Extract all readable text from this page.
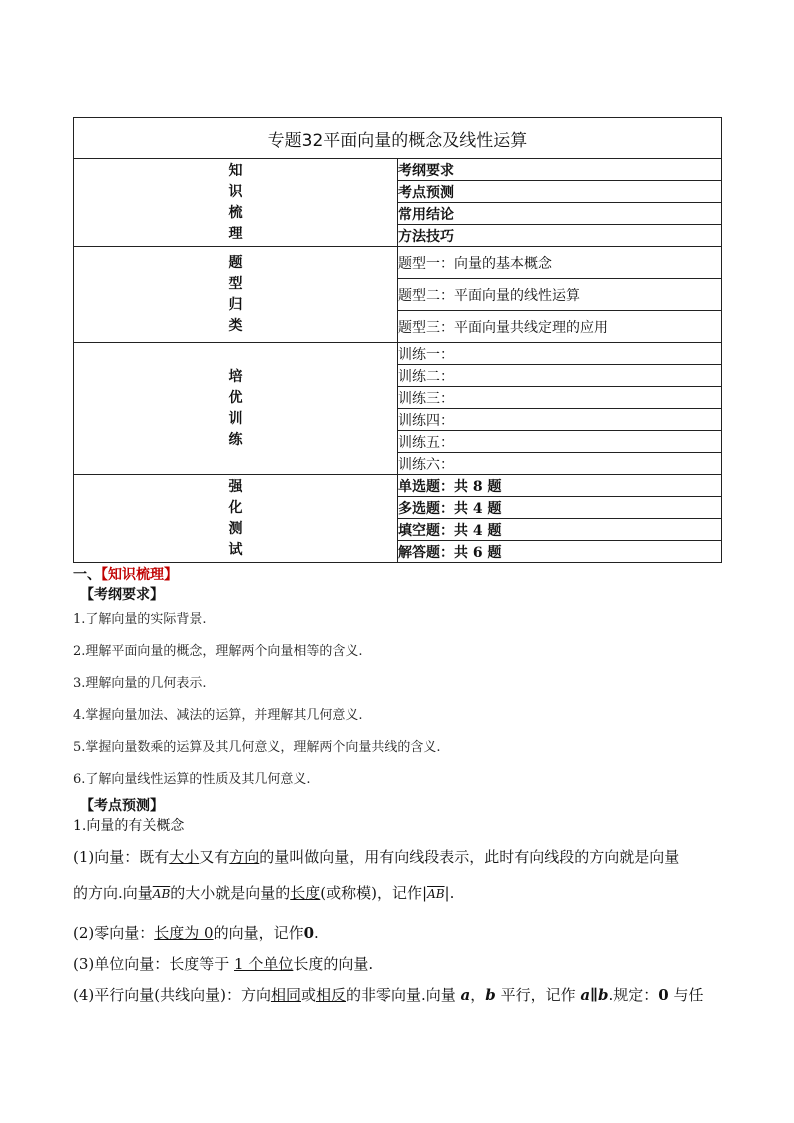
专题32平面向量的概念及线性运算	

知
识
梳
理	考纲要求
	考点预测
	常用结论
	方法技巧

题
型
归
类	题型一：向量的基本概念
	题型二：平面向量的线性运算
	题型三：平面向量共线定理的应用

培
优
训
练	训练一：
	训练二：
	训练三：
	训练四：
	训练五：
	训练六：

强
化
测
试	单选题：共 8 题
	多选题：共 4 题
	填空题：共 4 题
	解答题：共 6 题
一、【知识梳理】
【考纲要求】
1.了解向量的实际背景.
2.理解平面向量的概念，理解两个向量相等的含义.
3.理解向量的几何表示.
4.掌握向量加法、减法的运算，并理解其几何意义.
5.掌握向量数乘的运算及其几何意义，理解两个向量共线的含义.
6.了解向量线性运算的性质及其几何意义.
【考点预测】
1.向量的有关概念
(1)向量：既有大小又有方向的量叫做向量，用有向线段表示，此时有向线段的方向就是向量
的方向.向量$\overline{AB}$的大小就是向量的长度(或称模)，记作$|\overline{AB}|$.
(2)零向量：长度为 0的向量，记作0.
(3)单位向量：长度等于 1 个单位长度的向量.
(4)平行向量(共线向量)：方向相同或相反的非零向量.向量 a，b 平行，记作 a∥b.规定：0 与任
